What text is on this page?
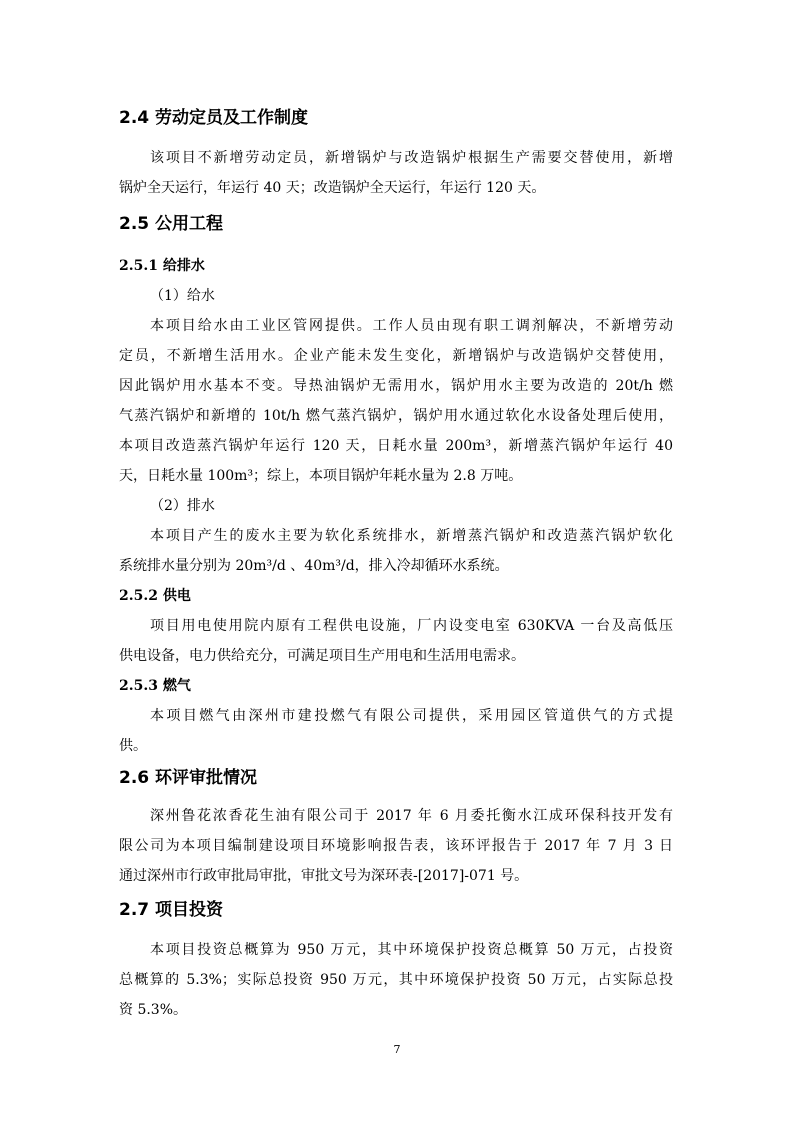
2.4 劳动定员及工作制度

该项目不新增劳动定员，新增锅炉与改造锅炉根据生产需要交替使用，新增

锅炉全天运行，年运行 40 天；改造锅炉全天运行，年运行 120 天。

2.5 公用工程
2.5.1 给排水

（1）给水

本项目给水由工业区管网提供。工作人员由现有职工调剂解决，不新增劳动

定员，不新增生活用水。企业产能未发生变化，新增锅炉与改造锅炉交替使用，

因此锅炉用水基本不变。导热油锅炉无需用水，锅炉用水主要为改造的 20t/h 燃

气蒸汽锅炉和新增的 10t/h 燃气蒸汽锅炉，锅炉用水通过软化水设备处理后使用，

本项目改造蒸汽锅炉年运行 120 天，日耗水量 200m³，新增蒸汽锅炉年运行 40

天，日耗水量 100m³；综上，本项目锅炉年耗水量为 2.8 万吨。

（2）排水

本项目产生的废水主要为软化系统排水，新增蒸汽锅炉和改造蒸汽锅炉软化

系统排水量分别为 20m³/d 、40m³/d，排入冷却循环水系统。

2.5.2 供电

项目用电使用院内原有工程供电设施，厂内设变电室 630KVA 一台及高低压

供电设备，电力供给充分，可满足项目生产用电和生活用电需求。

2.5.3 燃气

本项目燃气由深州市建投燃气有限公司提供，采用园区管道供气的方式提

供。

2.6 环评审批情况

深州鲁花浓香花生油有限公司于 2017 年 6 月委托衡水江成环保科技开发有

限公司为本项目编制建设项目环境影响报告表，该环评报告于 2017 年 7 月 3 日

通过深州市行政审批局审批，审批文号为深环表-[2017]-071 号。

2.7 项目投资

本项目投资总概算为 950 万元，其中环境保护投资总概算 50 万元，占投资

总概算的 5.3%；实际总投资 950 万元，其中环境保护投资 50 万元，占实际总投

资 5.3%。

7
